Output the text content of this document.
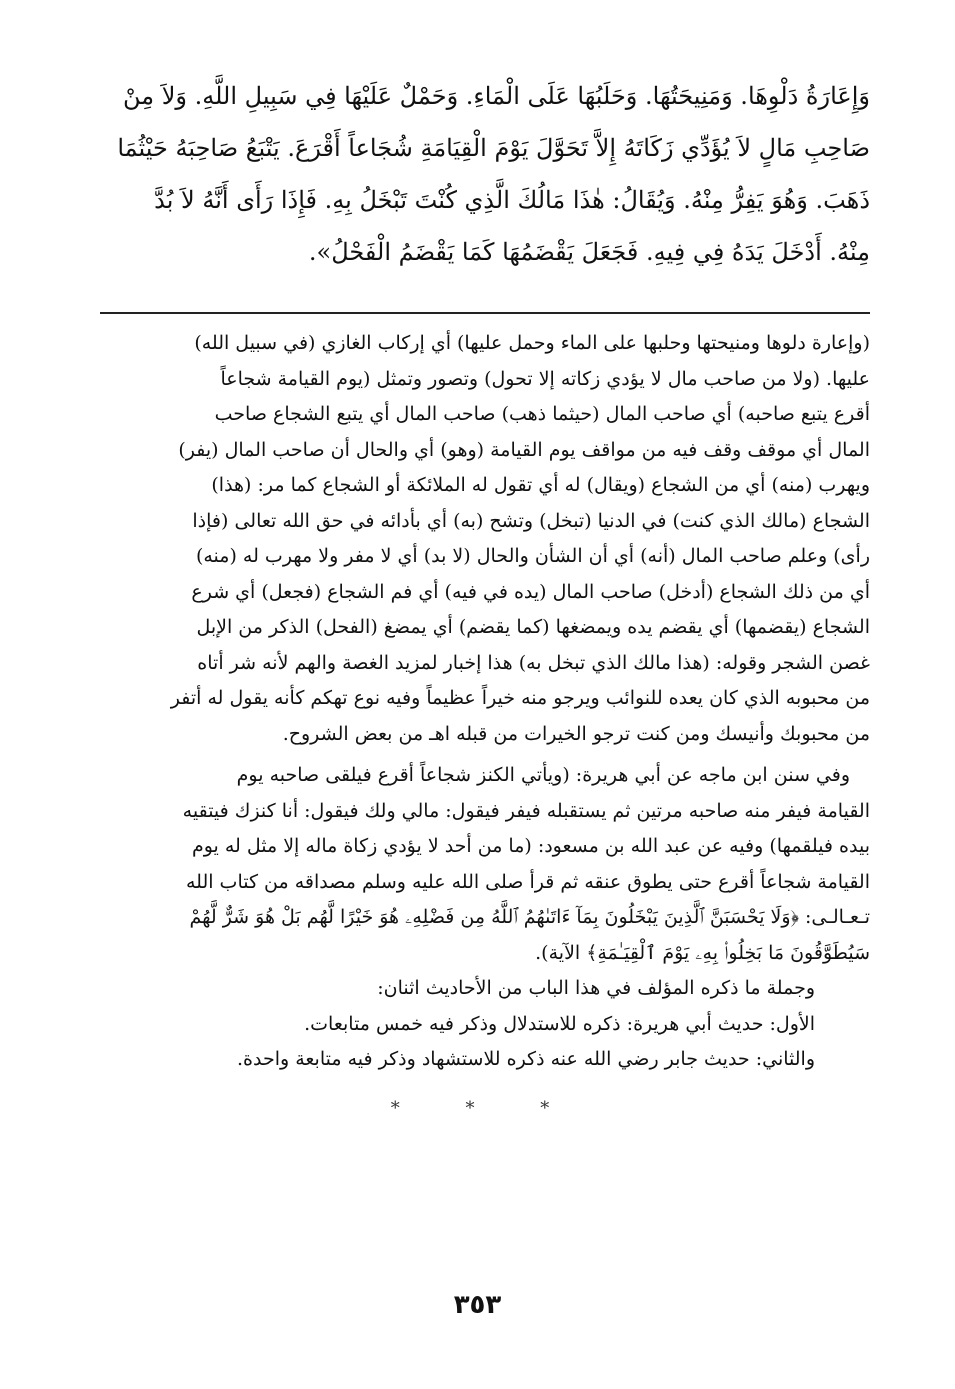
وَإِعَارَةُ دَلْوِهَا. وَمَنِيحَتُهَا. وَحَلَبُهَا عَلَى الْمَاءِ. وَحَمْلٌ عَلَيْهَا فِي سَبِيلِ اللَّهِ. وَلاَ مِنْ
صَاحِبِ مَالٍ لاَ يُؤَدِّي زَكَاتَهُ إِلاَّ تَحَوَّلَ يَوْمَ الْقِيَامَةِ شُجَاعاً أَقْرَعَ. يَتْبَعُ صَاحِبَهُ حَيْثُمَا
ذَهَبَ. وَهُوَ يَفِرُّ مِنْهُ. وَيُقَالُ: هٰذَا مَالُكَ الَّذِي كُنْتَ تَبْخَلُ بِهِ. فَإِذَا رَأَى أَنَّهُ لاَ بُدَّ
مِنْهُ. أَدْخَلَ يَدَهُ فِي فِيهِ. فَجَعَلَ يَقْضَمُهَا كَمَا يَقْضَمُ الْفَحْلُ».
(وإعارة دلوها ومنيحتها وحلبها على الماء وحمل عليها) أي إركاب الغازي (في سبيل الله)
عليها. (ولا من صاحب مال لا يؤدي زكاته إلا تحول) وتصور وتمثل (يوم القيامة شجاعاً
أقرع يتبع صاحبه) أي صاحب المال (حيثما ذهب) صاحب المال أي يتبع الشجاع صاحب
المال أي موقف وقف فيه من مواقف يوم القيامة (وهو) أي والحال أن صاحب المال (يفر)
ويهرب (منه) أي من الشجاع (ويقال) له أي تقول له الملائكة أو الشجاع كما مر: (هذا)
الشجاع (مالك الذي كنت) في الدنيا (تبخل) وتشح (به) أي بأدائه في حق الله تعالى (فإذا
رأى) وعلم صاحب المال (أنه) أي أن الشأن والحال (لا بد) أي لا مفر ولا مهرب له (منه)
أي من ذلك الشجاع (أدخل) صاحب المال (يده في فيه) أي فم الشجاع (فجعل) أي شرع
الشجاع (يقضمها) أي يقضم يده ويمضغها (كما يقضم) أي يمضغ (الفحل) الذكر من الإبل
غصن الشجر وقوله: (هذا مالك الذي تبخل به) هذا إخبار لمزيد الغصة والهم لأنه شر أتاه
من محبوبه الذي كان يعده للنوائب ويرجو منه خيراً عظيماً وفيه نوع تهكم كأنه يقول له أتفر
من محبوبك وأنيسك ومن كنت ترجو الخيرات من قبله اهـ من بعض الشروح.
وفي سنن ابن ماجه عن أبي هريرة: (ويأتي الكنز شجاعاً أقرع فيلقى صاحبه يوم
القيامة فيفر منه صاحبه مرتين ثم يستقبله فيفر فيقول: مالي ولك فيقول: أنا كنزك فيتقيه
بيده فيلقمها) وفيه عن عبد الله بن مسعود: (ما من أحد لا يؤدي زكاة ماله إلا مثل له يوم
القيامة شجاعاً أقرع حتى يطوق عنقه ثم قرأ صلى الله عليه وسلم مصداقه من كتاب الله
تـعـالـى: ﴿وَلَا يَحْسَبَنَّ ٱلَّذِينَ يَبْخَلُونَ بِمَآ ءَاتَىٰهُمُ ٱللَّهُ مِن فَضْلِهِۦ هُوَ خَيْرًا لَّهُم بَلْ هُوَ شَرٌّ لَّهُمْ
سَيُطَوَّقُونَ مَا بَخِلُوا۟ بِهِۦ يَوْمَ ٱلْقِيَـٰمَةِ﴾ الآية).
وجملة ما ذكره المؤلف في هذا الباب من الأحاديث اثنان:
الأول: حديث أبي هريرة: ذكره للاستدلال وذكر فيه خمس متابعات.
والثاني: حديث جابر رضي الله عنه ذكره للاستشهاد وذكر فيه متابعة واحدة.
* * *
٣٥٣
